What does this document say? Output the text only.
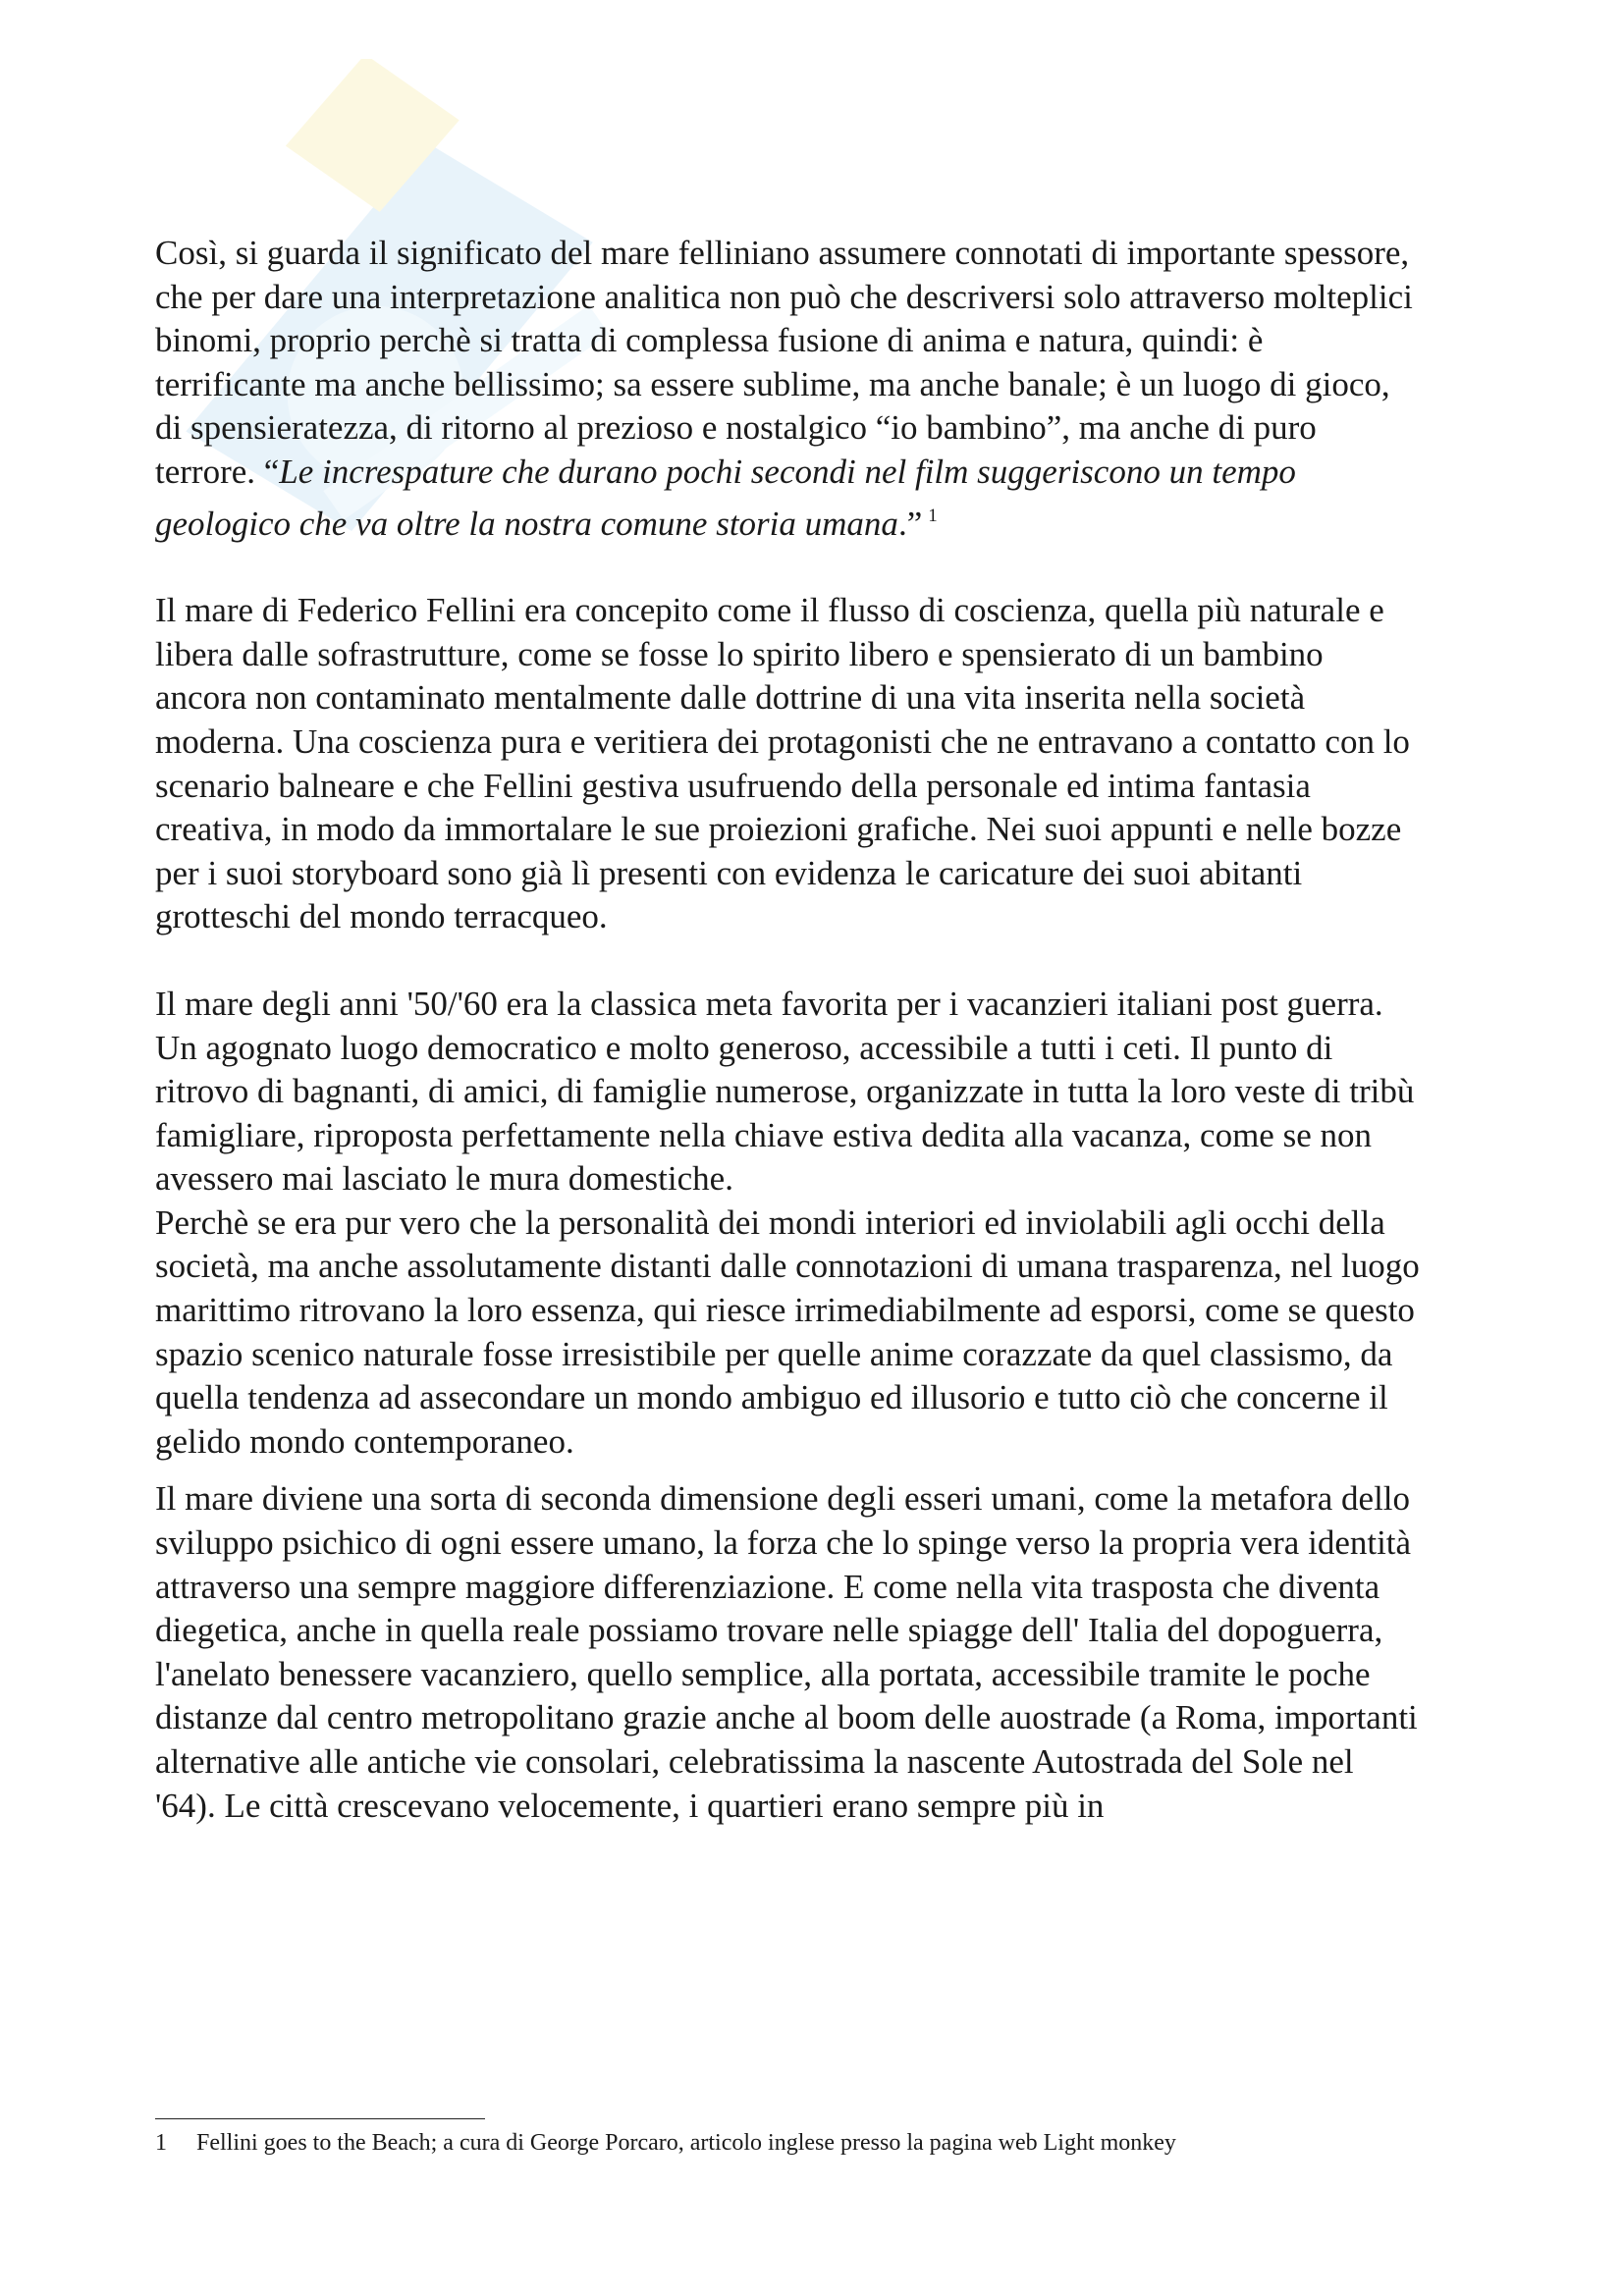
Così, si guarda il significato del mare felliniano assumere connotati di importante spessore, che per dare una interpretazione analitica non può che descriversi solo attraverso molteplici binomi, proprio perchè si tratta di complessa fusione di anima e natura, quindi: è terrificante ma anche bellissimo; sa essere sublime, ma anche banale; è un luogo di gioco, di spensieratezza, di ritorno al prezioso e nostalgico “io bambino”, ma anche di puro terrore. “Le increspature che durano pochi secondi nel film suggeriscono un tempo geologico che va oltre la nostra comune storia umana.” $^1$

Il mare di Federico Fellini era concepito come il flusso di coscienza, quella più naturale e libera dalle sofrastrutture, come se fosse lo spirito libero e spensierato di un bambino ancora non contaminato mentalmente dalle dottrine di una vita inserita nella società moderna. Una coscienza pura e veritiera dei protagonisti che ne entravano a contatto con lo scenario balneare e che Fellini gestiva usufruendo della personale ed intima fantasia creativa, in modo da immortalare le sue proiezioni grafiche. Nei suoi appunti e nelle bozze per i suoi storyboard sono già lì presenti con evidenza le caricature dei suoi abitanti grotteschi del mondo terracqueo.

Il mare degli anni '50/'60 era la classica meta favorita per i vacanzieri italiani post guerra. Un agognato luogo democratico e molto generoso, accessibile a tutti i ceti. Il punto di ritrovo di bagnanti, di amici, di famiglie numerose, organizzate in tutta la loro veste di tribù famigliare, riproposta perfettamente nella chiave estiva dedita alla vacanza, come se non avessero mai lasciato le mura domestiche.

Perchè se era pur vero che la personalità dei mondi interiori ed inviolabili agli occhi della società, ma anche assolutamente distanti dalle connotazioni di umana trasparenza, nel luogo marittimo ritrovano la loro essenza, qui riesce irrimediabilmente ad esporsi, come se questo spazio scenico naturale fosse irresistibile per quelle anime corazzate da quel classismo, da quella tendenza ad assecondare un mondo ambiguo ed illusorio e tutto ciò che concerne il gelido mondo contemporaneo.

Il mare diviene una sorta di seconda dimensione degli esseri umani, come la metafora dello sviluppo psichico di ogni essere umano, la forza che lo spinge verso la propria vera identità attraverso una sempre maggiore differenziazione. E come nella vita trasposta che diventa diegetica, anche in quella reale possiamo trovare nelle spiagge dell' Italia del dopoguerra, l'anelato benessere vacanziero, quello semplice, alla portata, accessibile tramite le poche distanze dal centro metropolitano grazie anche al boom delle auostrade (a Roma, importanti alternative alle antiche vie consolari, celebratissima la nascente Autostrada del Sole nel '64). Le città crescevano velocemente, i quartieri erano sempre più in

1 Fellini goes to the Beach; a cura di George Porcaro, articolo inglese presso la pagina web Light monkey
